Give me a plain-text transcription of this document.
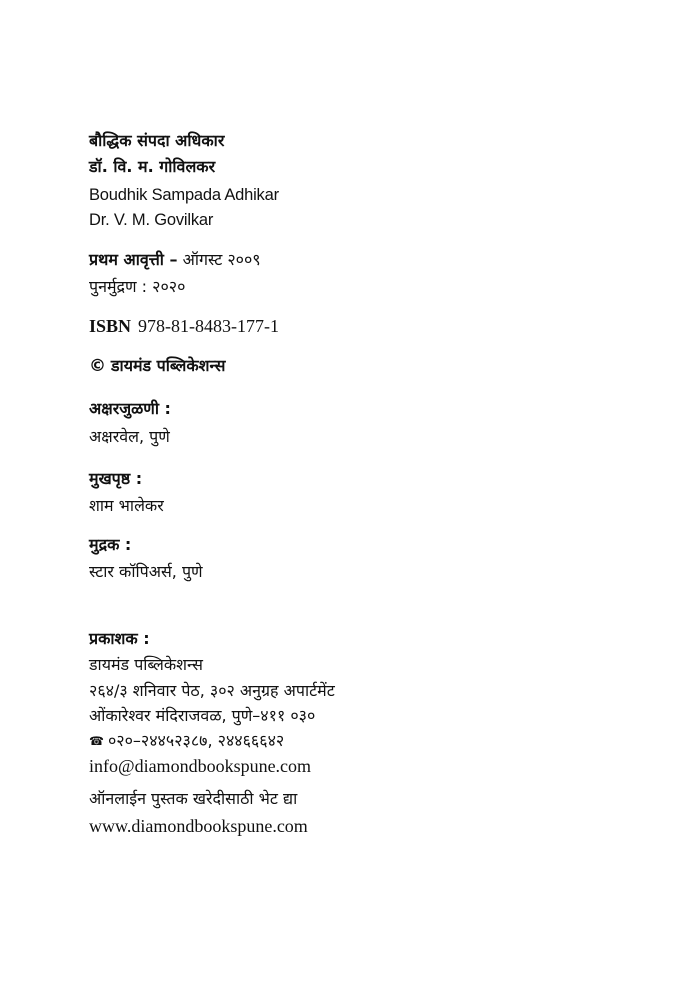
बौद्धिक संपदा अधिकार
डॉ. वि. म. गोविलकर
Boudhik Sampada Adhikar
Dr. V. M. Govilkar
प्रथम आवृत्ती – ऑगस्ट २००९
पुनर्मुद्रण : २०२०
ISBN 978-81-8483-177-1
© डायमंड पब्लिकेशन्स
अक्षरजुळणी :
अक्षरवेल, पुणे
मुखपृष्ठ :
शाम भालेकर
मुद्रक :
स्टार कॉपिअर्स, पुणे
प्रकाशक :
डायमंड पब्लिकेशन्स
२६४/३ शनिवार पेठ, ३०२ अनुग्रह अपार्टमेंट
ओंकारेश्वर मंदिराजवळ, पुणे–४११ ०३०
☎ ०२०–२४४५२३८७, २४४६६६४२
info@diamondbookspune.com
ऑनलाईन पुस्तक खरेदीसाठी भेट द्या
www.diamondbookspune.com
